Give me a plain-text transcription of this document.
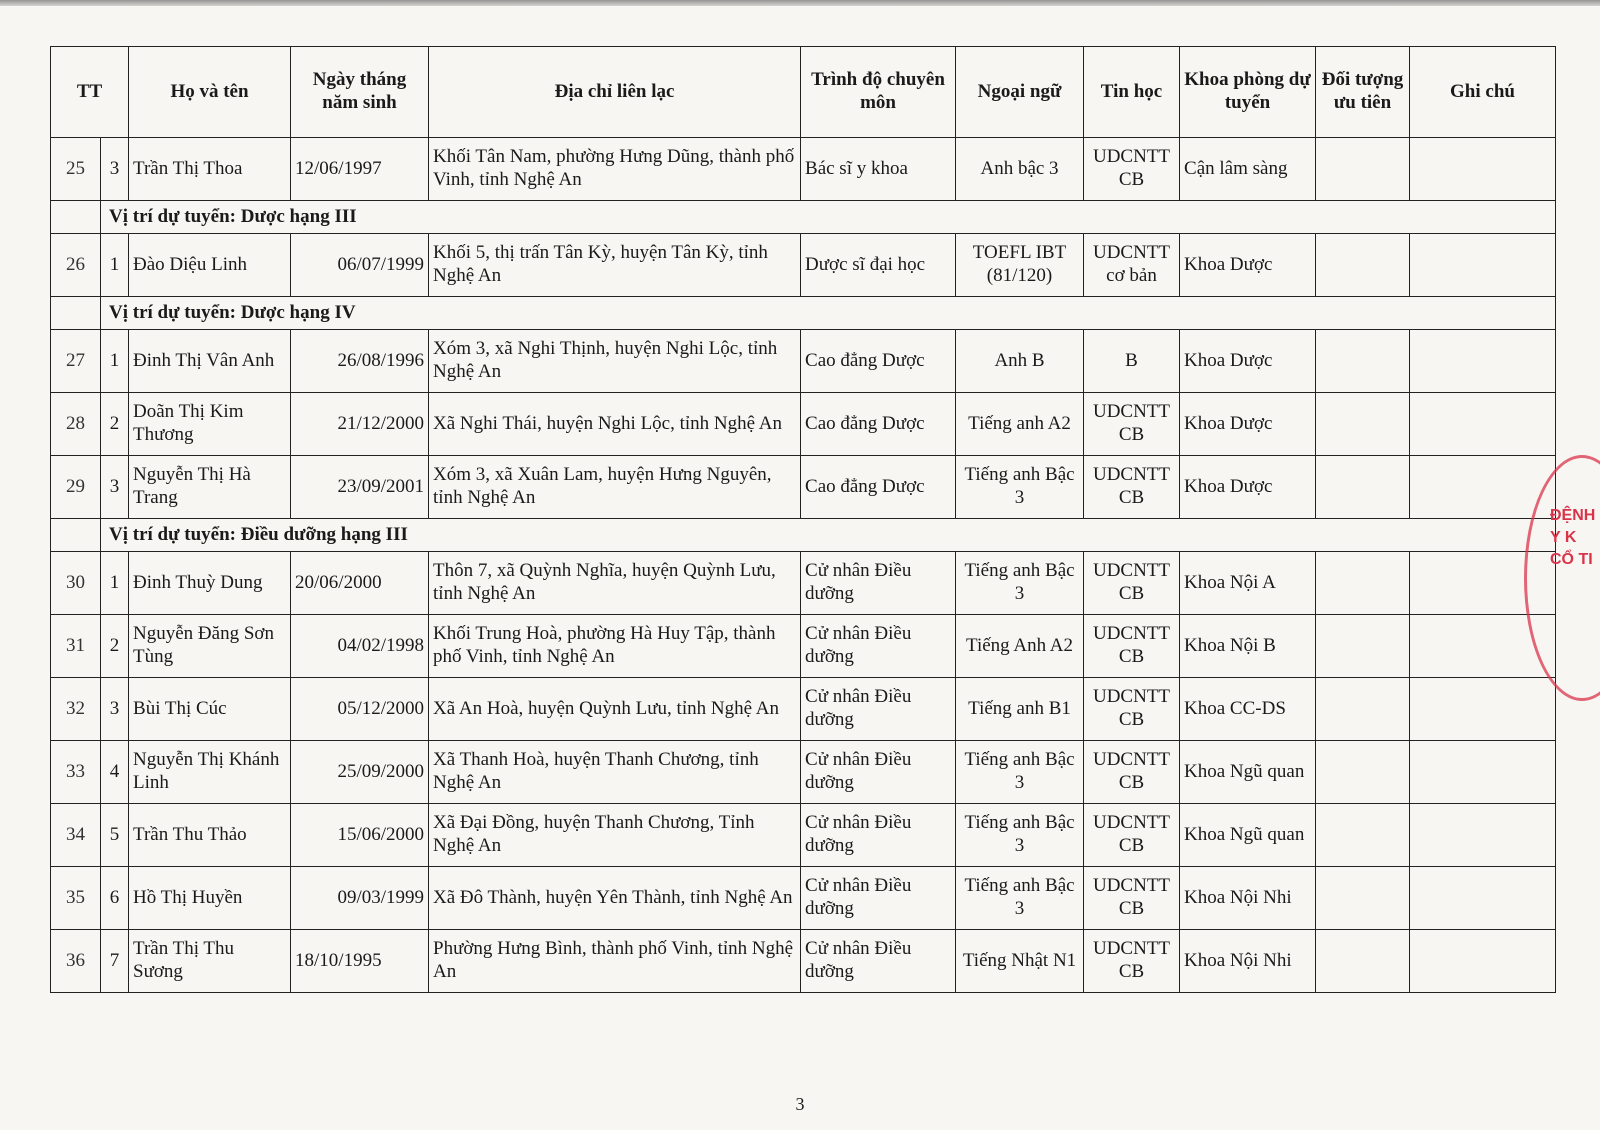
TT		Họ và tên	Ngày tháng năm sinh	Địa chỉ liên lạc	Trình độ chuyên môn	Ngoại ngữ	Tin học	Khoa phòng dự tuyển	Đối tượng ưu tiên	Ghi chú
25	3	Trần Thị Thoa	12/06/1997	Khối Tân Nam, phường Hưng Dũng, thành phố Vinh, tỉnh Nghệ An	Bác sĩ y khoa	Anh bậc 3	UDCNTT CB	Cận lâm sàng		
	Vị trí dự tuyển: Dược hạng III									
26	1	Đào Diệu Linh	06/07/1999	Khối 5, thị trấn Tân Kỳ, huyện Tân Kỳ, tỉnh Nghệ An	Dược sĩ đại học	TOEFL IBT (81/120)	UDCNTT cơ bản	Khoa Dược		
	Vị trí dự tuyển: Dược hạng IV									
27	1	Đinh Thị Vân Anh	26/08/1996	Xóm 3, xã Nghi Thịnh, huyện Nghi Lộc, tỉnh Nghệ An	Cao đẳng Dược	Anh B	B	Khoa Dược		
28	2	Doãn Thị Kim Thương	21/12/2000	Xã Nghi Thái, huyện Nghi Lộc, tỉnh Nghệ An	Cao đẳng Dược	Tiếng anh A2	UDCNTT CB	Khoa Dược		
29	3	Nguyễn Thị Hà Trang	23/09/2001	Xóm 3, xã Xuân Lam, huyện Hưng Nguyên, tỉnh Nghệ An	Cao đẳng Dược	Tiếng anh Bậc 3	UDCNTT CB	Khoa Dược		
	Vị trí dự tuyển: Điều dưỡng hạng III									
30	1	Đinh Thuỳ Dung	20/06/2000	Thôn 7, xã Quỳnh Nghĩa, huyện Quỳnh Lưu, tỉnh Nghệ An	Cử nhân Điều dưỡng	Tiếng anh Bậc 3	UDCNTT CB	Khoa Nội A		
31	2	Nguyễn Đăng Sơn Tùng	04/02/1998	Khối Trung Hoà, phường Hà Huy Tập, thành phố Vinh, tỉnh Nghệ An	Cử nhân Điều dưỡng	Tiếng Anh A2	UDCNTT CB	Khoa Nội B		
32	3	Bùi Thị Cúc	05/12/2000	Xã An Hoà, huyện Quỳnh Lưu, tỉnh Nghệ An	Cử nhân Điều dưỡng	Tiếng anh B1	UDCNTT CB	Khoa CC-DS		
33	4	Nguyễn Thị Khánh Linh	25/09/2000	Xã Thanh Hoà, huyện Thanh Chương, tỉnh Nghệ An	Cử nhân Điều dưỡng	Tiếng anh Bậc 3	UDCNTT CB	Khoa Ngũ quan		
34	5	Trần Thu Thảo	15/06/2000	Xã Đại Đồng, huyện Thanh Chương, Tỉnh Nghệ An	Cử nhân Điều dưỡng	Tiếng anh Bậc 3	UDCNTT CB	Khoa Ngũ quan		
35	6	Hồ Thị Huyền	09/03/1999	Xã Đô Thành, huyện Yên Thành, tỉnh Nghệ An	Cử nhân Điều dưỡng	Tiếng anh Bậc 3	UDCNTT CB	Khoa Nội Nhi		
36	7	Trần Thị Thu Sương	18/10/1995	Phường Hưng Bình, thành phố Vinh, tỉnh Nghệ An	Cử nhân Điều dưỡng	Tiếng Nhật N1	UDCNTT CB	Khoa Nội Nhi		
ĐỆNH Y K CỔ TI
3
